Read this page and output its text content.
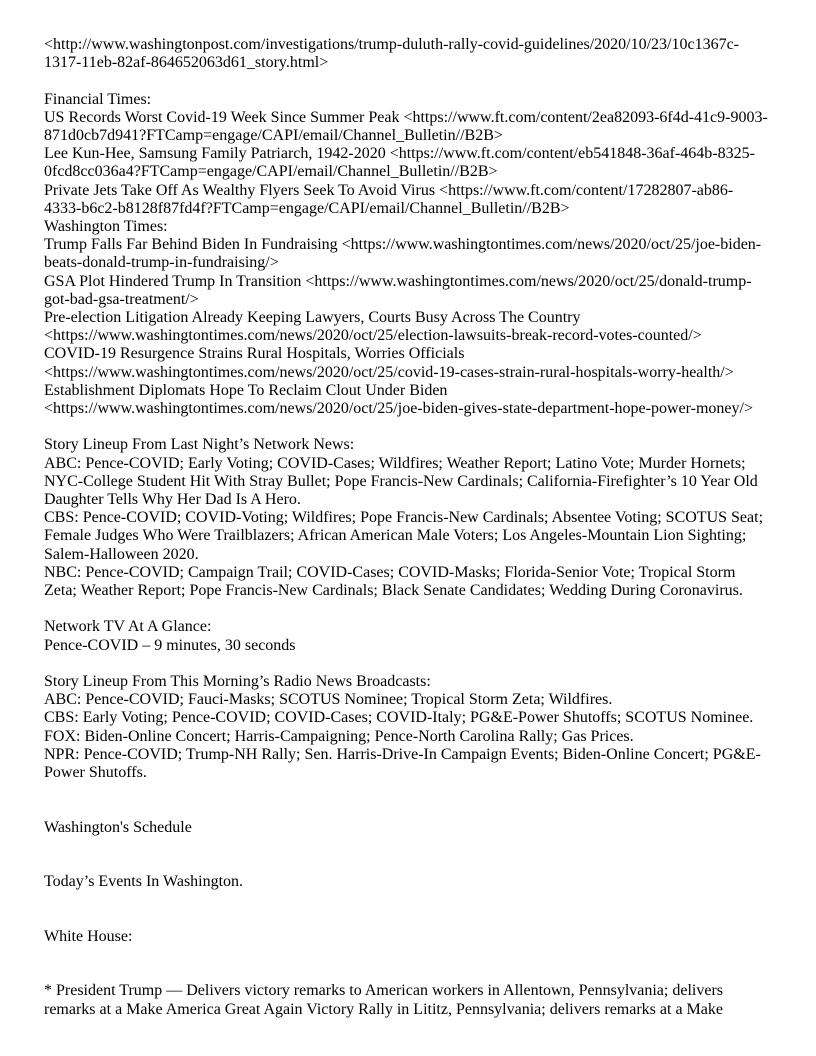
<http://www.washingtonpost.com/investigations/trump-duluth-rally-covid-guidelines/2020/10/23/10c1367c-
1317-11eb-82af-864652063d61_story.html>
Financial Times:
US Records Worst Covid-19 Week Since Summer Peak <https://www.ft.com/content/2ea82093-6f4d-41c9-9003-
871d0cb7d941?FTCamp=engage/CAPI/email/Channel_Bulletin//B2B>
Lee Kun-Hee, Samsung Family Patriarch, 1942-2020 <https://www.ft.com/content/eb541848-36af-464b-8325-
0fcd8cc036a4?FTCamp=engage/CAPI/email/Channel_Bulletin//B2B>
Private Jets Take Off As Wealthy Flyers Seek To Avoid Virus <https://www.ft.com/content/17282807-ab86-
4333-b6c2-b8128f87fd4f?FTCamp=engage/CAPI/email/Channel_Bulletin//B2B>
Washington Times:
Trump Falls Far Behind Biden In Fundraising <https://www.washingtontimes.com/news/2020/oct/25/joe-biden-
beats-donald-trump-in-fundraising/>
GSA Plot Hindered Trump In Transition <https://www.washingtontimes.com/news/2020/oct/25/donald-trump-
got-bad-gsa-treatment/>
Pre-election Litigation Already Keeping Lawyers, Courts Busy Across The Country
<https://www.washingtontimes.com/news/2020/oct/25/election-lawsuits-break-record-votes-counted/>
COVID-19 Resurgence Strains Rural Hospitals, Worries Officials
<https://www.washingtontimes.com/news/2020/oct/25/covid-19-cases-strain-rural-hospitals-worry-health/>
Establishment Diplomats Hope To Reclaim Clout Under Biden
<https://www.washingtontimes.com/news/2020/oct/25/joe-biden-gives-state-department-hope-power-money/>
Story Lineup From Last Night’s Network News:
ABC: Pence-COVID; Early Voting; COVID-Cases; Wildfires; Weather Report; Latino Vote; Murder Hornets;
NYC-College Student Hit With Stray Bullet; Pope Francis-New Cardinals; California-Firefighter’s 10 Year Old
Daughter Tells Why Her Dad Is A Hero.
CBS: Pence-COVID; COVID-Voting; Wildfires; Pope Francis-New Cardinals; Absentee Voting; SCOTUS Seat;
Female Judges Who Were Trailblazers; African American Male Voters; Los Angeles-Mountain Lion Sighting;
Salem-Halloween 2020.
NBC: Pence-COVID; Campaign Trail; COVID-Cases; COVID-Masks; Florida-Senior Vote; Tropical Storm
Zeta; Weather Report; Pope Francis-New Cardinals; Black Senate Candidates; Wedding During Coronavirus.
Network TV At A Glance:
Pence-COVID – 9 minutes, 30 seconds
Story Lineup From This Morning’s Radio News Broadcasts:
ABC: Pence-COVID; Fauci-Masks; SCOTUS Nominee; Tropical Storm Zeta; Wildfires.
CBS: Early Voting; Pence-COVID; COVID-Cases; COVID-Italy; PG&E-Power Shutoffs; SCOTUS Nominee.
FOX: Biden-Online Concert; Harris-Campaigning; Pence-North Carolina Rally; Gas Prices.
NPR: Pence-COVID; Trump-NH Rally; Sen. Harris-Drive-In Campaign Events; Biden-Online Concert; PG&E-
Power Shutoffs.
Washington's Schedule
Today’s Events In Washington.
White House:
* President Trump — Delivers victory remarks to American workers in Allentown, Pennsylvania; delivers
remarks at a Make America Great Again Victory Rally in Lititz, Pennsylvania; delivers remarks at a Make
